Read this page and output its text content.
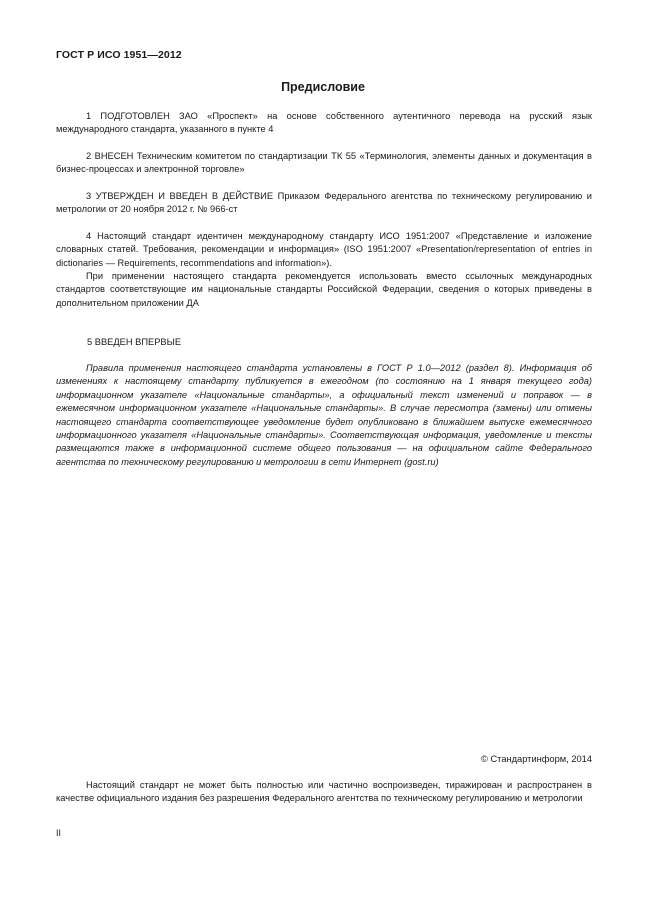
ГОСТ Р ИСО 1951—2012
Предисловие

1 ПОДГОТОВЛЕН ЗАО «Проспект» на основе собственного аутентичного перевода на русский язык международного стандарта, указанного в пункте 4

2 ВНЕСЕН Техническим комитетом по стандартизации ТК 55 «Терминология, элементы данных и документация в бизнес-процессах и электронной торговле»

3 УТВЕРЖДЕН И ВВЕДЕН В ДЕЙСТВИЕ Приказом Федерального агентства по техническому регулированию и метрологии от 20 ноября 2012 г. № 966-ст

4 Настоящий стандарт идентичен международному стандарту ИСО 1951:2007 «Представление и изложение словарных статей. Требования, рекомендации и информация» (ISO 1951:2007 «Presentation/representation of entries in dictionaries — Requirements, recommendations and information»).

При применении настоящего стандарта рекомендуется использовать вместо ссылочных международных стандартов соответствующие им национальные стандарты Российской Федерации, сведения о которых приведены в дополнительном приложении ДА

5 ВВЕДЕН ВПЕРВЫЕ

Правила применения настоящего стандарта установлены в ГОСТ Р 1.0—2012 (раздел 8). Информация об изменениях к настоящему стандарту публикуется в ежегодном (по состоянию на 1 января текущего года) информационном указателе «Национальные стандарты», а официальный текст изменений и поправок — в ежемесячном информационном указателе «Национальные стандарты». В случае пересмотра (замены) или отмены настоящего стандарта соответствующее уведомление будет опубликовано в ближайшем выпуске ежемесячного информационного указателя «Национальные стандарты». Соответствующая информация, уведомление и тексты размещаются также в информационной системе общего пользования — на официальном сайте Федерального агентства по техническому регулированию и метрологии в сети Интернет (gost.ru)

© Стандартинформ, 2014

Настоящий стандарт не может быть полностью или частично воспроизведен, тиражирован и распространен в качестве официального издания без разрешения Федерального агентства по техническому регулированию и метрологии

II
